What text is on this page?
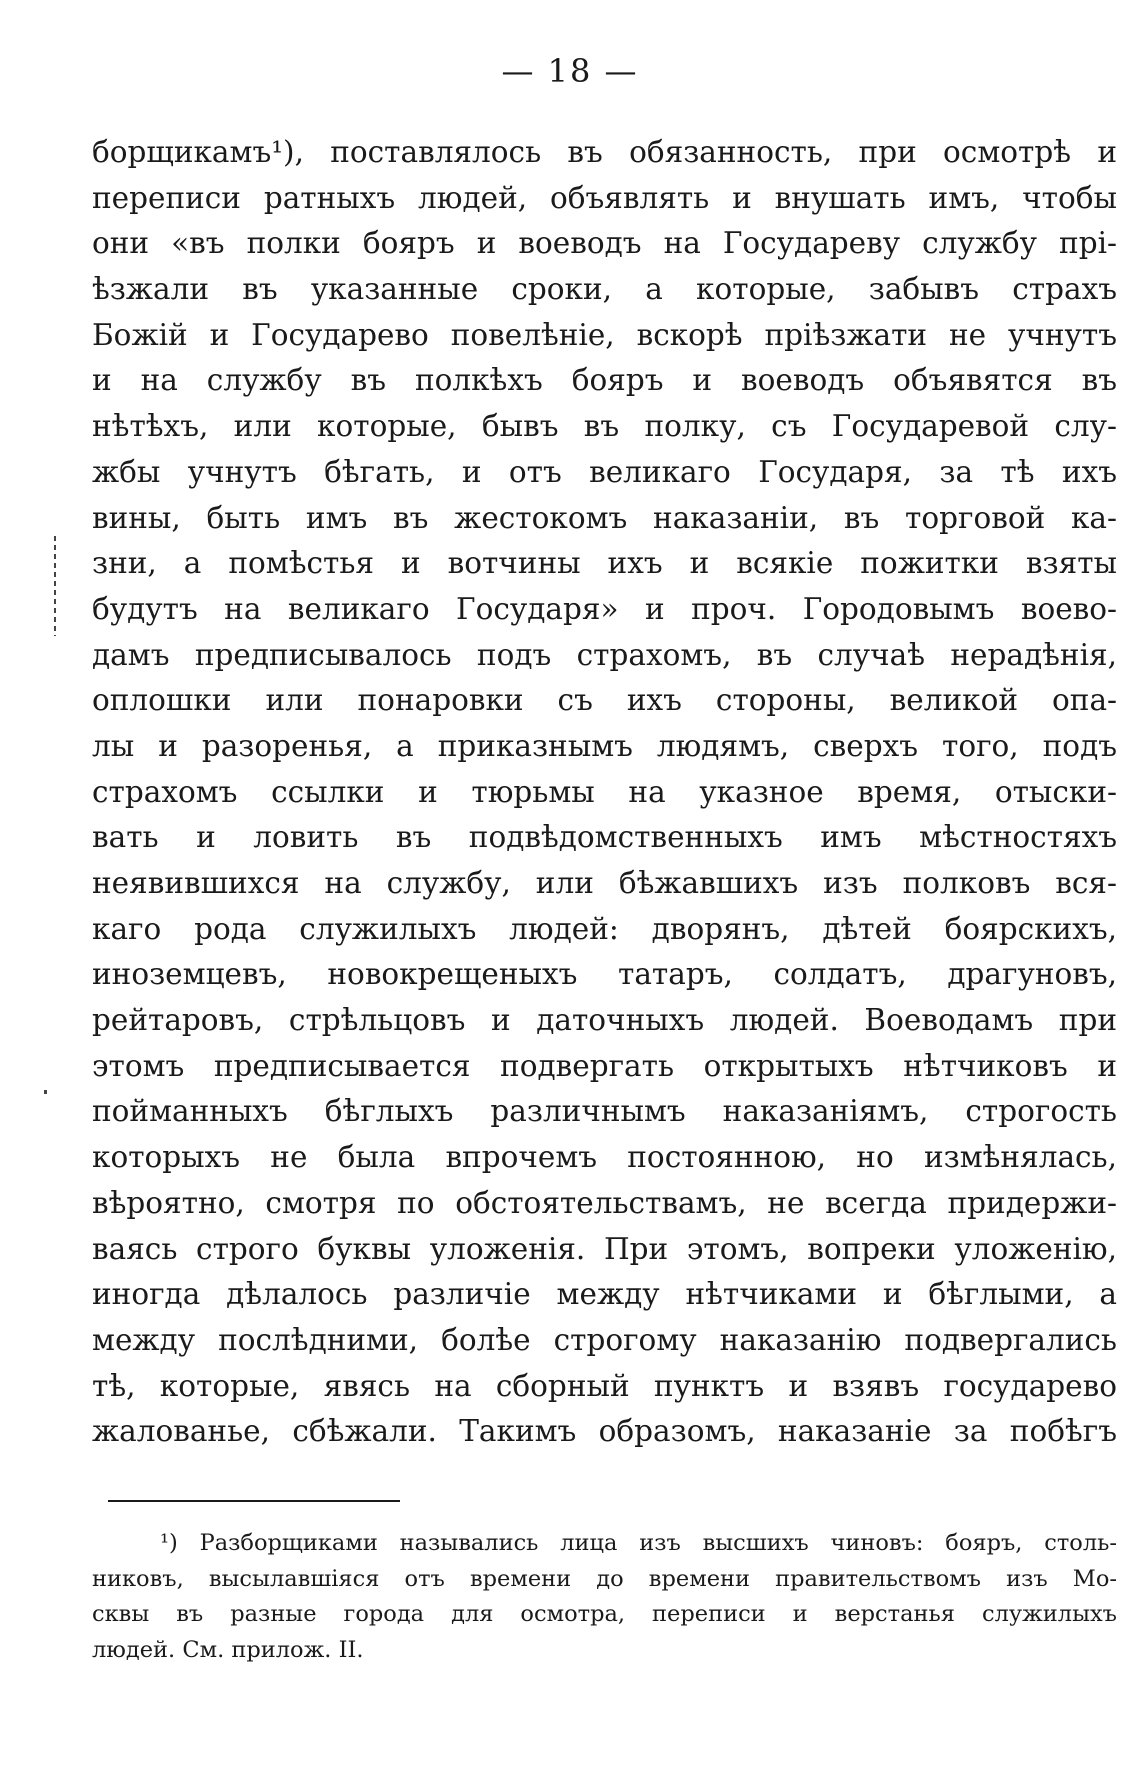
— 18 —
борщикамъ¹), поставлялось въ обязанность, при осмотрѣ и
переписи ратныхъ людей, объявлять и внушать имъ, чтобы
они «въ полки бояръ и воеводъ на Государеву службу прі-
ѣзжали въ указанные сроки, а которые, забывъ страхъ
Божій и Государево повелѣніе, вскорѣ пріѣзжати не учнутъ
и на службу въ полкѣхъ бояръ и воеводъ объявятся въ
нѣтѣхъ, или которые, бывъ въ полку, съ Государевой слу-
жбы учнутъ бѣгать, и отъ великаго Государя, за тѣ ихъ
вины, быть имъ въ жестокомъ наказаніи, въ торговой ка-
зни, а помѣстья и вотчины ихъ и всякіе пожитки взяты
будутъ на великаго Государя» и проч. Городовымъ воево-
дамъ предписывалось подъ страхомъ, въ случаѣ нерадѣнія,
оплошки или понаровки съ ихъ стороны, великой опа-
лы и разоренья, а приказнымъ людямъ, сверхъ того, подъ
страхомъ ссылки и тюрьмы на указное время, отыски-
вать и ловить въ подвѣдомственныхъ имъ мѣстностяхъ
неявившихся на службу, или бѣжавшихъ изъ полковъ вся-
каго рода служилыхъ людей: дворянъ, дѣтей боярскихъ,
иноземцевъ, новокрещеныхъ татаръ, солдатъ, драгуновъ,
рейтаровъ, стрѣльцовъ и даточныхъ людей. Воеводамъ при
этомъ предписывается подвергать открытыхъ нѣтчиковъ и
пойманныхъ бѣглыхъ различнымъ наказаніямъ, строгость
которыхъ не была впрочемъ постоянною, но измѣнялась,
вѣроятно, смотря по обстоятельствамъ, не всегда придержи-
ваясь строго буквы уложенія. При этомъ, вопреки уложенію,
иногда дѣлалось различіе между нѣтчиками и бѣглыми, а
между послѣдними, болѣе строгому наказанію подвергались
тѣ, которые, явясь на сборный пунктъ и взявъ государево
жалованье, сбѣжали. Такимъ образомъ, наказаніе за побѣгъ
¹) Разборщиками назывались лица изъ высшихъ чиновъ: бояръ, столь-
никовъ, высылавшіяся отъ времени до времени правительствомъ изъ Мо-
сквы въ разные города для осмотра, переписи и верстанья служилыхъ
людей. См. прилож. II.
